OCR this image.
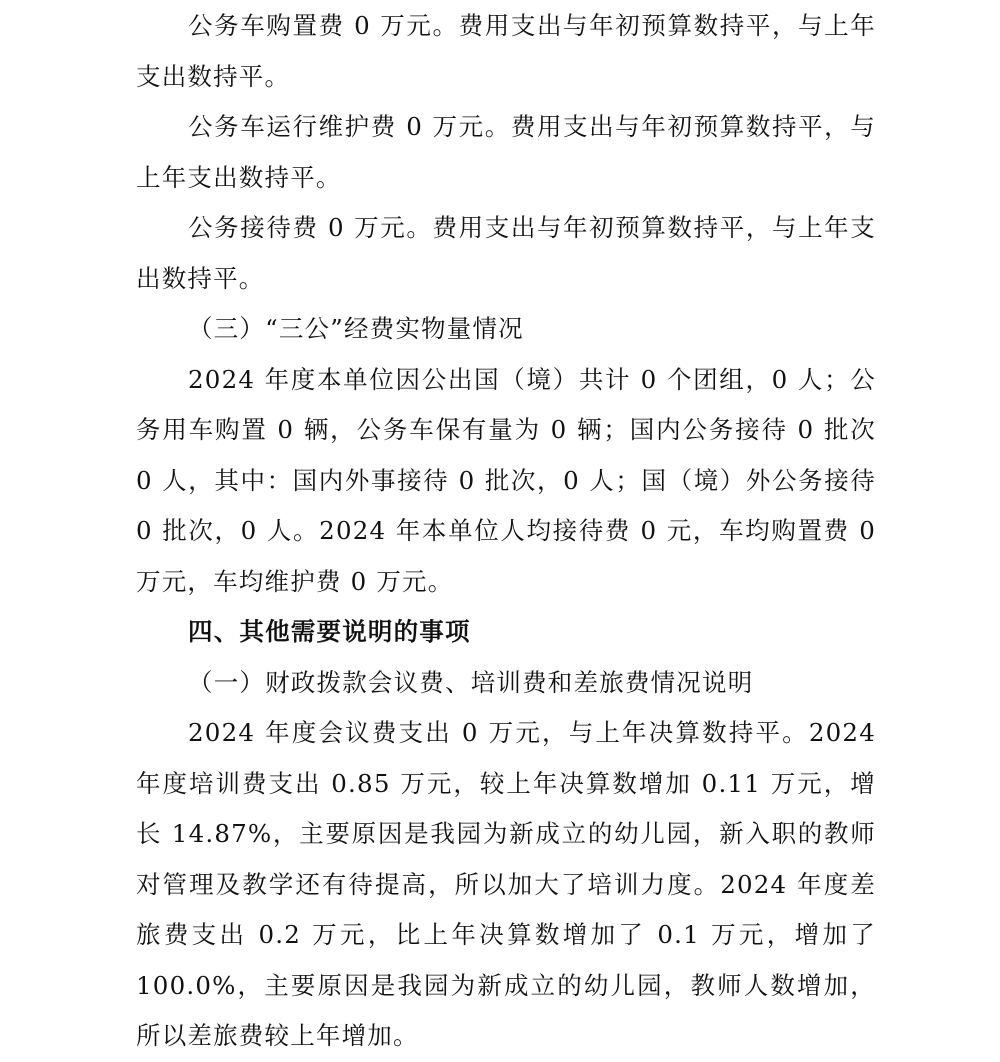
公务车购置费 0 万元。费用支出与年初预算数持平，与上年支出数持平。

公务车运行维护费 0 万元。费用支出与年初预算数持平，与上年支出数持平。

公务接待费 0 万元。费用支出与年初预算数持平，与上年支出数持平。

（三）“三公”经费实物量情况

2024 年度本单位因公出国（境）共计 0 个团组，0 人；公务用车购置 0 辆，公务车保有量为 0 辆；国内公务接待 0 批次 0 人，其中：国内外事接待 0 批次，0 人；国（境）外公务接待 0 批次，0 人。2024 年本单位人均接待费 0 元，车均购置费 0 万元，车均维护费 0 万元。

四、其他需要说明的事项
（一）财政拨款会议费、培训费和差旅费情况说明

2024 年度会议费支出 0 万元，与上年决算数持平。2024 年度培训费支出 0.85 万元，较上年决算数增加 0.11 万元，增长 14.87%，主要原因是我园为新成立的幼儿园，新入职的教师对管理及教学还有待提高，所以加大了培训力度。2024 年度差旅费支出 0.2 万元，比上年决算数增加了 0.1 万元，增加了 100.0%，主要原因是我园为新成立的幼儿园，教师人数增加，所以差旅费较上年增加。
